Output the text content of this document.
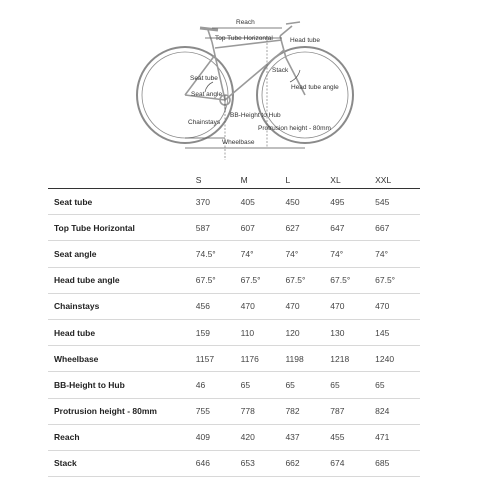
Reach
Top Tube Horizontal	Head tube
Seat tube
Stack
Head tube angle
Seat angle
Chainstays
BB-Height to Hub
Protrusion height - 80mm
Wheelbase
	S	M	L	XL	XXL
Seat tube	370	405	450	495	545
Top Tube Horizontal	587	607	627	647	667
Seat angle	74.5°	74°	74°	74°	74°
Head tube angle	67.5°	67.5°	67.5°	67.5°	67.5°
Chainstays	456	470	470	470	470
Head tube	159	110	120	130	145
Wheelbase	1157	1176	1198	1218	1240
BB-Height to Hub	46	65	65	65	65
Protrusion height - 80mm	755	778	782	787	824
Reach	409	420	437	455	471
Stack	646	653	662	674	685
